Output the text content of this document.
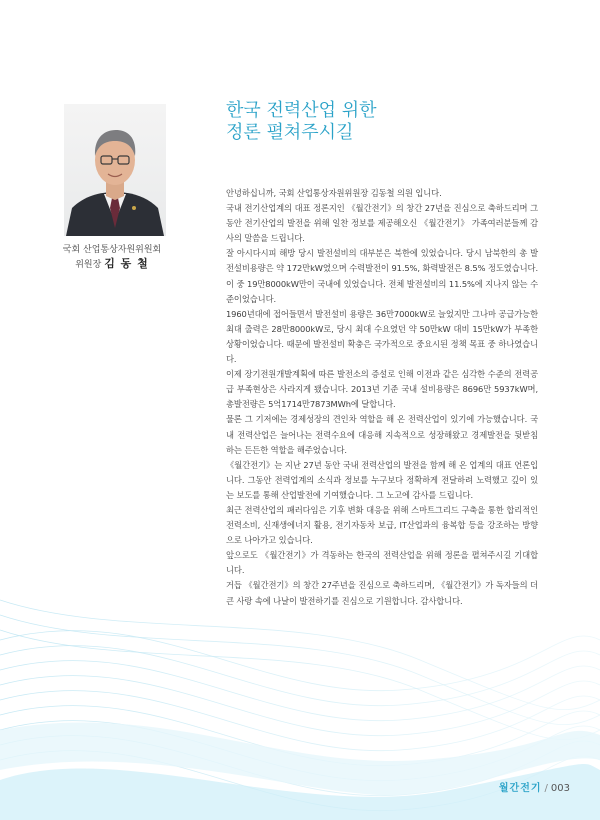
국회 산업통상자원위원회
위원장 김 동 철
한국 전력산업 위한
정론 펼쳐주시길

안녕하십니까, 국회 산업통상자원위원장 김동철 의원 입니다.

국내 전기산업계의 대표 정론지인 《월간전기》의 창간 27년을 진심으로 축하드리며 그동안 전기산업의 발전을 위해 일찬 정보를 제공해오신 《월간전기》 가족여러분들께 감사의 말씀을 드립니다.

잘 아시다시피 해방 당시 발전설비의 대부분은 북한에 있었습니다. 당시 남북한의 총 발전설비용량은 약 172만kW였으며 수력발전이 91.5%, 화력발전은 8.5% 정도였습니다. 이 중 19만8000kW만이 국내에 있었습니다. 전체 발전설비의 11.5%에 지나지 않는 수준이었습니다.

1960년대에 접어들면서 발전설비 용량은 36만7000kW로 늘었지만 그나마 공급가능한 최대 출력은 28만8000kW로, 당시 최대 수요였던 약 50만kW 대비 15만kW가 부족한 상황이었습니다. 때문에 발전설비 확충은 국가적으로 중요시된 정책 목표 중 하나였습니다.

이제 장기전원개발계획에 따른 발전소의 증설로 인해 이전과 같은 심각한 수준의 전력공급 부족현상은 사라지게 됐습니다. 2013년 기준 국내 설비용량은 8696만 5937kW며, 총발전량은 5억1714만7873MWh에 달합니다.

물론 그 기저에는 경제성장의 견인차 역할을 해 온 전력산업이 있기에 가능했습니다. 국내 전력산업은 늘어나는 전력수요에 대응해 지속적으로 성장해왔고 경제발전을 뒷받침하는 든든한 역할을 해주었습니다.

《월간전기》는 지난 27년 동안 국내 전력산업의 발전을 함께 해 온 업계의 대표 언론입니다. 그동안 전력업계의 소식과 정보를 누구보다 정확하게 전달하려 노력했고 깊이 있는 보도를 통해 산업발전에 기여했습니다. 그 노고에 감사를 드립니다.

최근 전력산업의 패러다임은 기후 변화 대응을 위해 스마트그리드 구축을 통한 합리적인 전력소비, 신재생에너지 활용, 전기자동차 보급, IT산업과의 융복합 등을 강조하는 방향으로 나아가고 있습니다.

앞으로도 《월간전기》가 격동하는 한국의 전력산업을 위해 정론을 펼쳐주시길 기대합니다.

거듭 《월간전기》의 창간 27주년을 진심으로 축하드리며, 《월간전기》가 독자들의 더 큰 사랑 속에 나날이 발전하기를 진심으로 기원합니다. 감사합니다.

월간전기 / 003
